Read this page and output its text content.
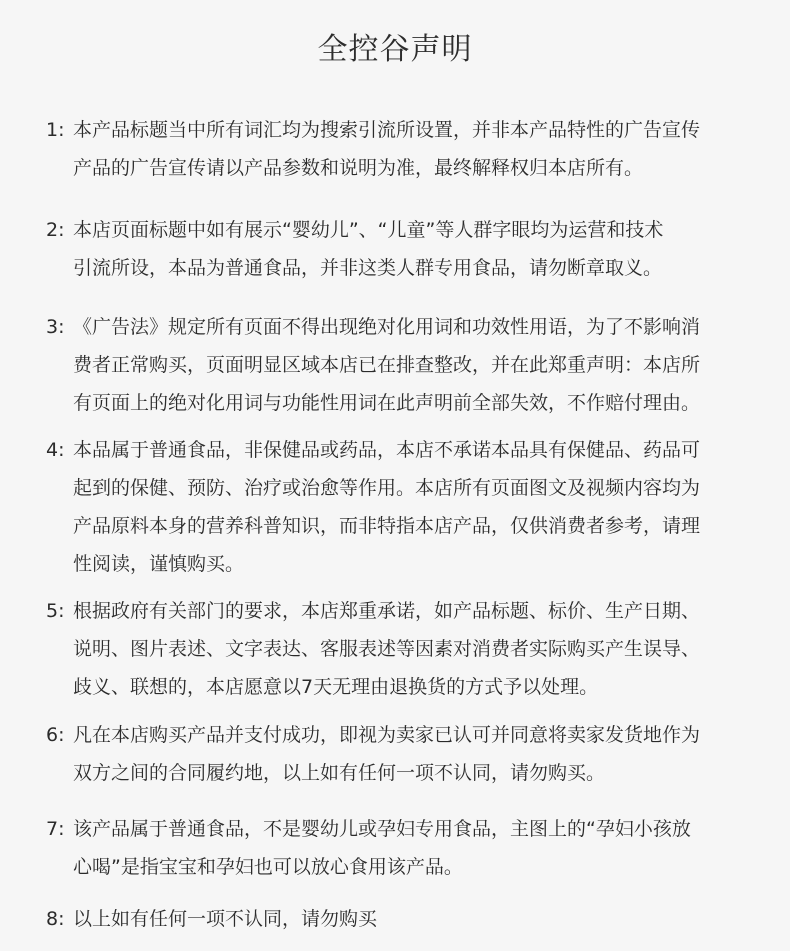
全控谷声明
1: 本产品标题当中所有词汇均为搜索引流所设置，并非本产品特性的广告宣传
产品的广告宣传请以产品参数和说明为准，最终解释权归本店所有。
2: 本店页面标题中如有展示“婴幼儿”、“儿童”等人群字眼均为运营和技术
引流所设，本品为普通食品，并非这类人群专用食品，请勿断章取义。
3: 《广告法》规定所有页面不得出现绝对化用词和功效性用语，为了不影响消
费者正常购买，页面明显区域本店已在排查整改，并在此郑重声明：本店所
有页面上的绝对化用词与功能性用词在此声明前全部失效，不作赔付理由。
4: 本品属于普通食品，非保健品或药品，本店不承诺本品具有保健品、药品可
起到的保健、预防、治疗或治愈等作用。本店所有页面图文及视频内容均为
产品原料本身的营养科普知识，而非特指本店产品，仅供消费者参考，请理
性阅读，谨慎购买。
5: 根据政府有关部门的要求，本店郑重承诺，如产品标题、标价、生产日期、
说明、图片表述、文字表达、客服表述等因素对消费者实际购买产生误导、
歧义、联想的，本店愿意以7天无理由退换货的方式予以处理。
6: 凡在本店购买产品并支付成功，即视为卖家已认可并同意将卖家发货地作为
双方之间的合同履约地，以上如有任何一项不认同，请勿购买。
7: 该产品属于普通食品，不是婴幼儿或孕妇专用食品，主图上的“孕妇小孩放
心喝”是指宝宝和孕妇也可以放心食用该产品。
8: 以上如有任何一项不认同，请勿购买
